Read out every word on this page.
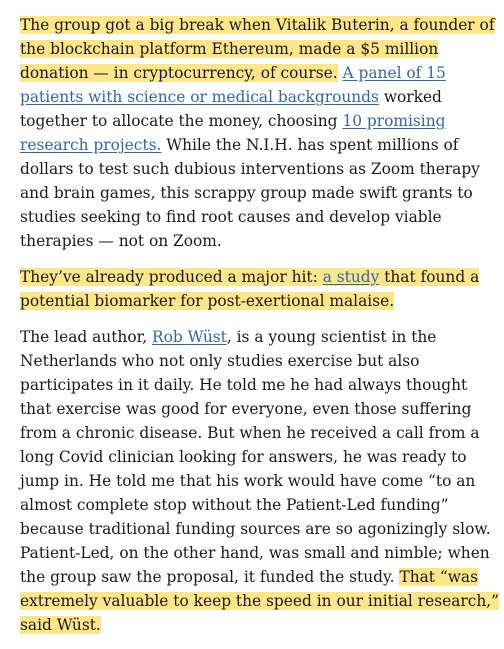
The group got a big break when Vitalik Buterin, a founder of the blockchain platform Ethereum, made a $5 million donation — in cryptocurrency, of course. A panel of 15 patients with science or medical backgrounds worked together to allocate the money, choosing 10 promising research projects. While the N.I.H. has spent millions of dollars to test such dubious interventions as Zoom therapy and brain games, this scrappy group made swift grants to studies seeking to find root causes and develop viable therapies — not on Zoom.

They’ve already produced a major hit: a study that found a potential biomarker for post-exertional malaise.

The lead author, Rob Wüst, is a young scientist in the Netherlands who not only studies exercise but also participates in it daily. He told me he had always thought that exercise was good for everyone, even those suffering from a chronic disease. But when he received a call from a long Covid clinician looking for answers, he was ready to jump in. He told me that his work would have come “to an almost complete stop without the Patient-Led funding” because traditional funding sources are so agonizingly slow. Patient-Led, on the other hand, was small and nimble; when the group saw the proposal, it funded the study. That “was extremely valuable to keep the speed in our initial research,” said Wüst.
